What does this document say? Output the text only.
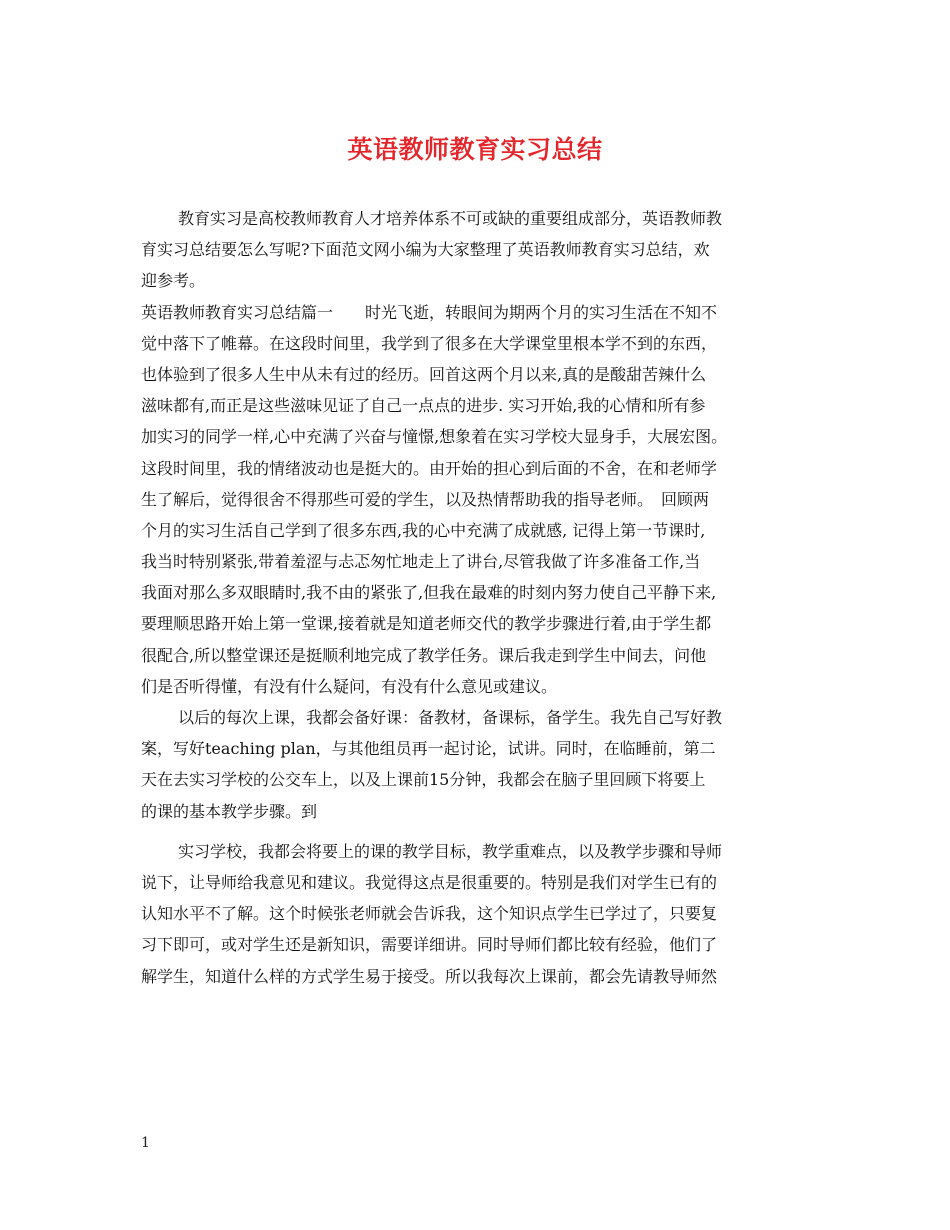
英语教师教育实习总结
教育实习是高校教师教育人才培养体系不可或缺的重要组成部分，英语教师教
育实习总结要怎么写呢?下面范文网小编为大家整理了英语教师教育实习总结，欢
迎参考。
英语教师教育实习总结篇一　　时光飞逝，转眼间为期两个月的实习生活在不知不
觉中落下了帷幕。在这段时间里，我学到了很多在大学课堂里根本学不到的东西，
也体验到了很多人生中从未有过的经历。回首这两个月以来,真的是酸甜苦辣什么
滋味都有,而正是这些滋味见证了自己一点点的进步. 实习开始,我的心情和所有参
加实习的同学一样,心中充满了兴奋与憧憬,想象着在实习学校大显身手，大展宏图。
这段时间里，我的情绪波动也是挺大的。由开始的担心到后面的不舍，在和老师学
生了解后，觉得很舍不得那些可爱的学生，以及热情帮助我的指导老师。　回顾两
个月的实习生活自己学到了很多东西,我的心中充满了成就感, 记得上第一节课时,
我当时特别紧张,带着羞涩与忐忑匆忙地走上了讲台,尽管我做了许多准备工作,当
我面对那么多双眼睛时,我不由的紧张了,但我在最难的时刻内努力使自己平静下来,
要理顺思路开始上第一堂课,接着就是知道老师交代的教学步骤进行着,由于学生都
很配合,所以整堂课还是挺顺利地完成了教学任务。课后我走到学生中间去，问他
们是否听得懂，有没有什么疑问，有没有什么意见或建议。
以后的每次上课，我都会备好课：备教材，备课标，备学生。我先自己写好教
案，写好teaching plan，与其他组员再一起讨论，试讲。同时，在临睡前，第二
天在去实习学校的公交车上，以及上课前15分钟，我都会在脑子里回顾下将要上
的课的基本教学步骤。到
实习学校，我都会将要上的课的教学目标，教学重难点，以及教学步骤和导师
说下，让导师给我意见和建议。我觉得这点是很重要的。特别是我们对学生已有的
认知水平不了解。这个时候张老师就会告诉我，这个知识点学生已学过了，只要复
习下即可，或对学生还是新知识，需要详细讲。同时导师们都比较有经验，他们了
解学生，知道什么样的方式学生易于接受。所以我每次上课前，都会先请教导师然
1
